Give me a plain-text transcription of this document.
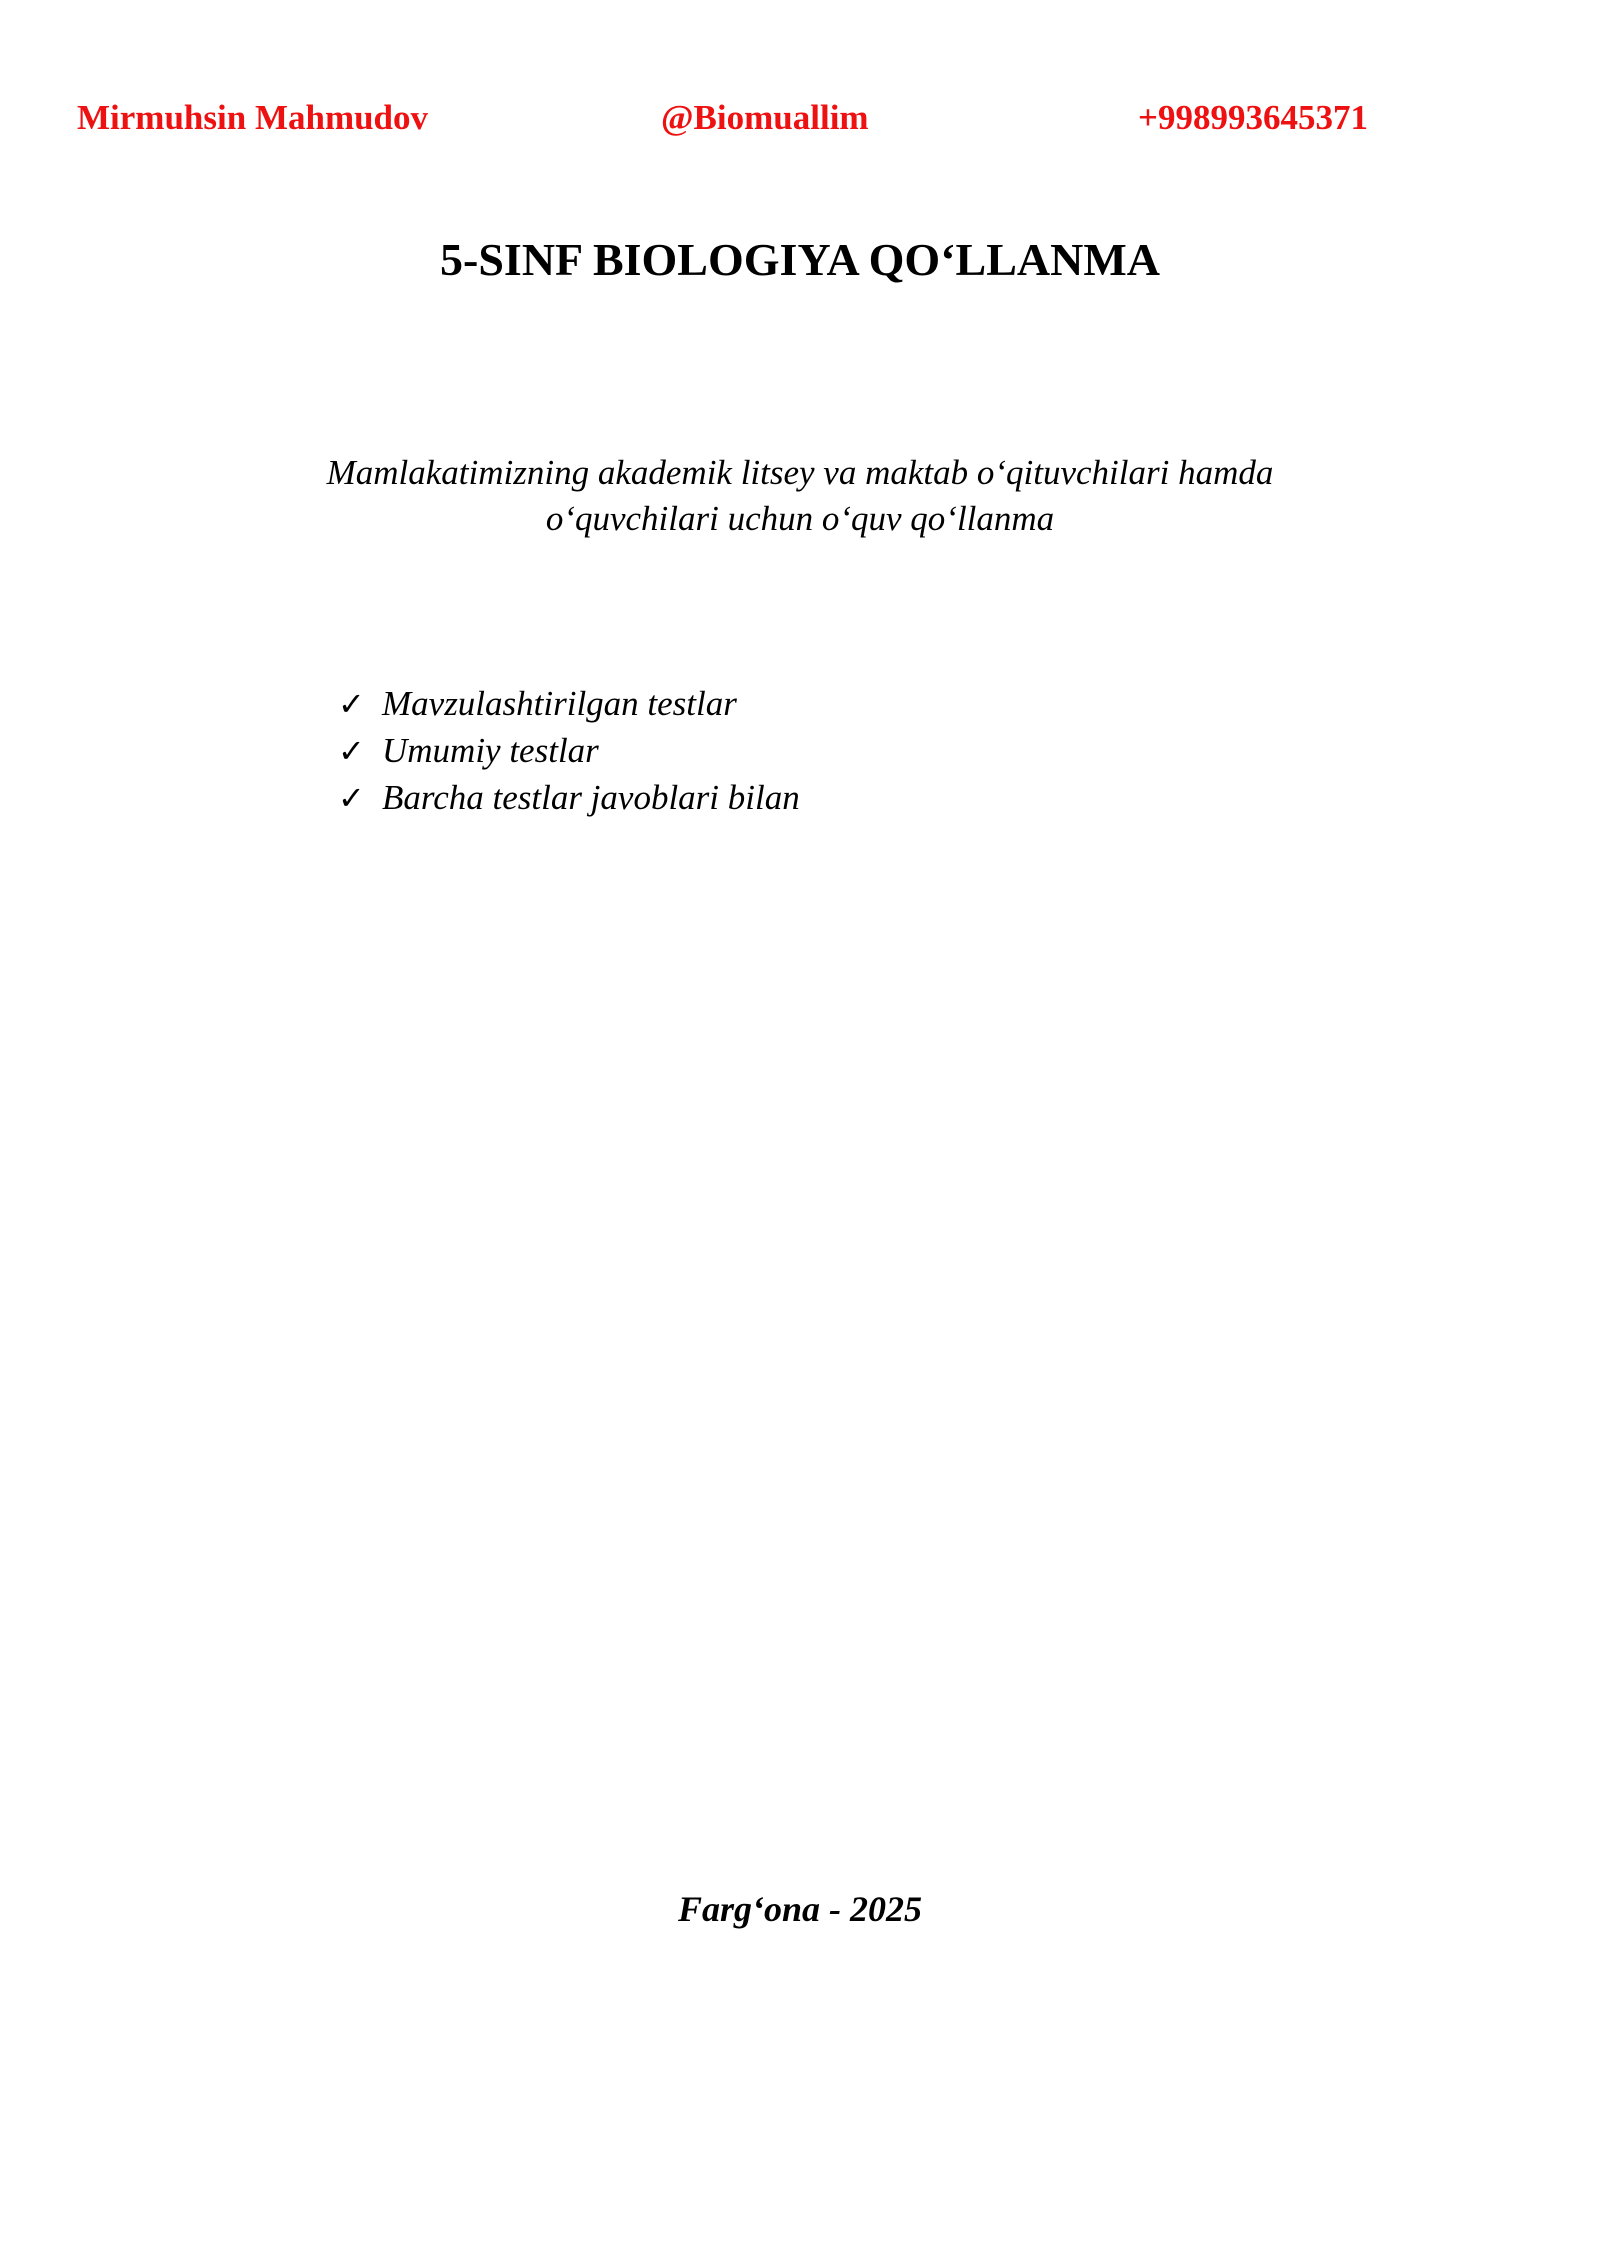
Mirmuhsin Mahmudov	@Biomuallim	+998993645371
5-SINF BIOLOGIYA QO‘LLANMA
Mamlakatimizning akademik litsey va maktab o‘qituvchilari hamda
o‘quvchilari uchun o‘quv qo‘llanma
✓ Mavzulashtirilgan testlar
✓ Umumiy testlar
✓ Barcha testlar javoblari bilan
Farg‘ona - 2025
